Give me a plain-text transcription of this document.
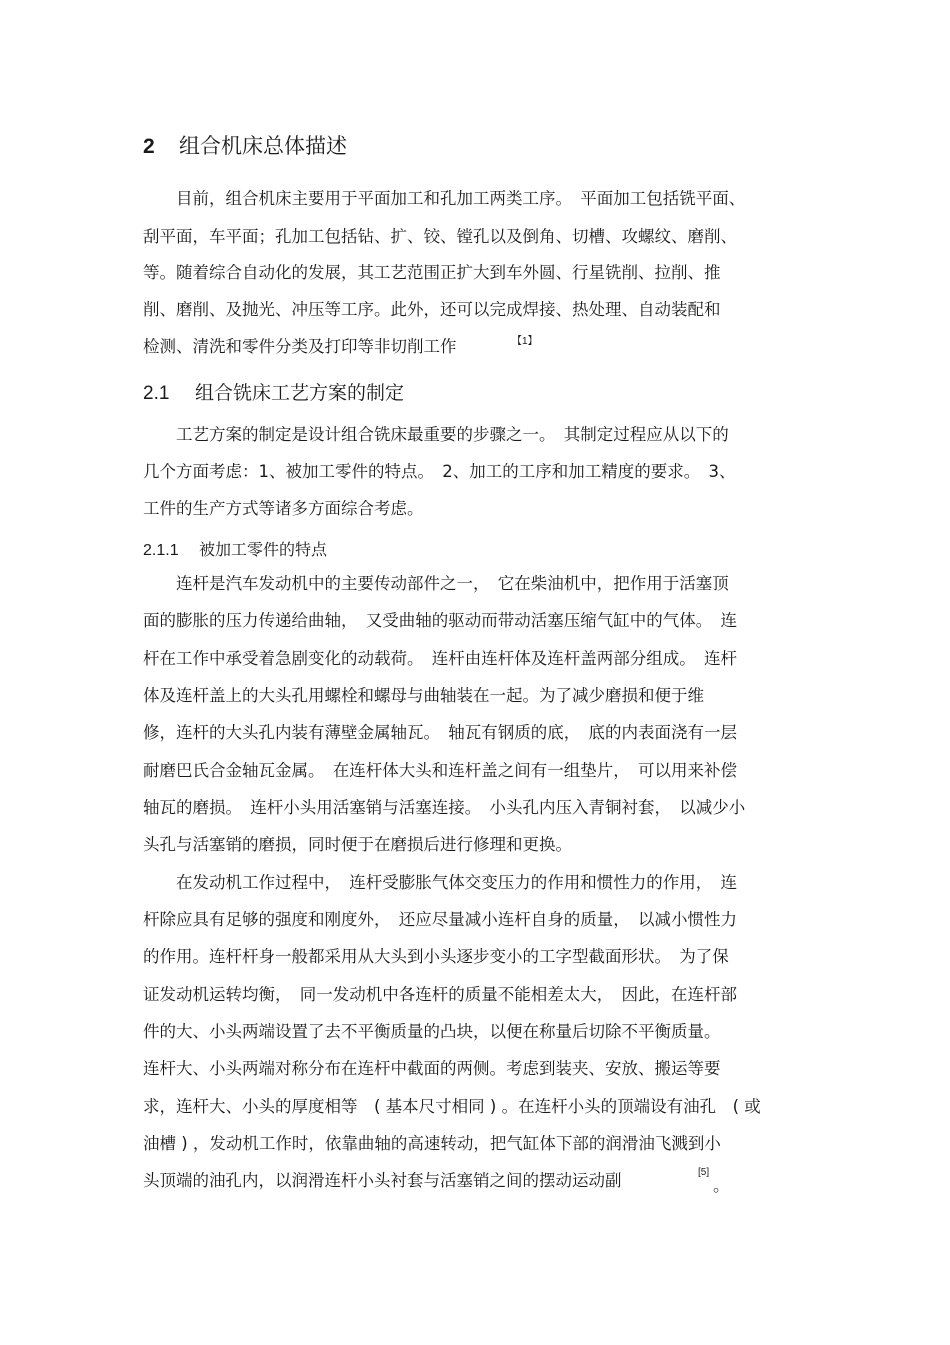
2 组合机床总体描述
　　目前，组合机床主要用于平面加工和孔加工两类工序。　平面加工包括铣平面、
刮平面，车平面；孔加工包括钻、扩、铰、镗孔以及倒角、切槽、攻螺纹、磨削、
等。随着综合自动化的发展，其工艺范围正扩大到车外圆、行星铣削、拉削、推
削、磨削、及抛光、冲压等工序。此外，还可以完成焊接、热处理、自动装配和
检测、清洗和零件分类及打印等非切削工作	【1】
2.1 组合铣床工艺方案的制定
　　工艺方案的制定是设计组合铣床最重要的步骤之一。　其制定过程应从以下的
几个方面考虑：1、被加工零件的特点。　2、加工的工序和加工精度的要求。　3、
工件的生产方式等诸多方面综合考虑。
2.1.1 被加工零件的特点
　　连杆是汽车发动机中的主要传动部件之一，　它在柴油机中，把作用于活塞顶
面的膨胀的压力传递给曲轴，　又受曲轴的驱动而带动活塞压缩气缸中的气体。　连
杆在工作中承受着急剧变化的动载荷。　连杆由连杆体及连杆盖两部分组成。　连杆
体及连杆盖上的大头孔用螺栓和螺母与曲轴装在一起。为了减少磨损和便于维
修，连杆的大头孔内装有薄壁金属轴瓦。　轴瓦有钢质的底，　底的内表面浇有一层
耐磨巴氏合金轴瓦金属。　在连杆体大头和连杆盖之间有一组垫片，　可以用来补偿
轴瓦的磨损。　连杆小头用活塞销与活塞连接。　小头孔内压入青铜衬套，　以减少小
头孔与活塞销的磨损，同时便于在磨损后进行修理和更换。
　　在发动机工作过程中，　连杆受膨胀气体交变压力的作用和惯性力的作用，　连
杆除应具有足够的强度和刚度外，　还应尽量减小连杆自身的质量，　以减小惯性力
的作用。连杆杆身一般都采用从大头到小头逐步变小的工字型截面形状。　为了保
证发动机运转均衡，　同一发动机中各连杆的质量不能相差太大，　因此，在连杆部
件的大、小头两端设置了去不平衡质量的凸块，以便在称量后切除不平衡质量。
连杆大、小头两端对称分布在连杆中截面的两侧。考虑到装夹、安放、搬运等要
求，连杆大、小头的厚度相等　( 基本尺寸相同 ) 。在连杆小头的顶端设有油孔　( 或
油槽 ) ，发动机工作时，依靠曲轴的高速转动，把气缸体下部的润滑油飞溅到小
头顶端的油孔内，以润滑连杆小头衬套与活塞销之间的摆动运动副	[5]
。
